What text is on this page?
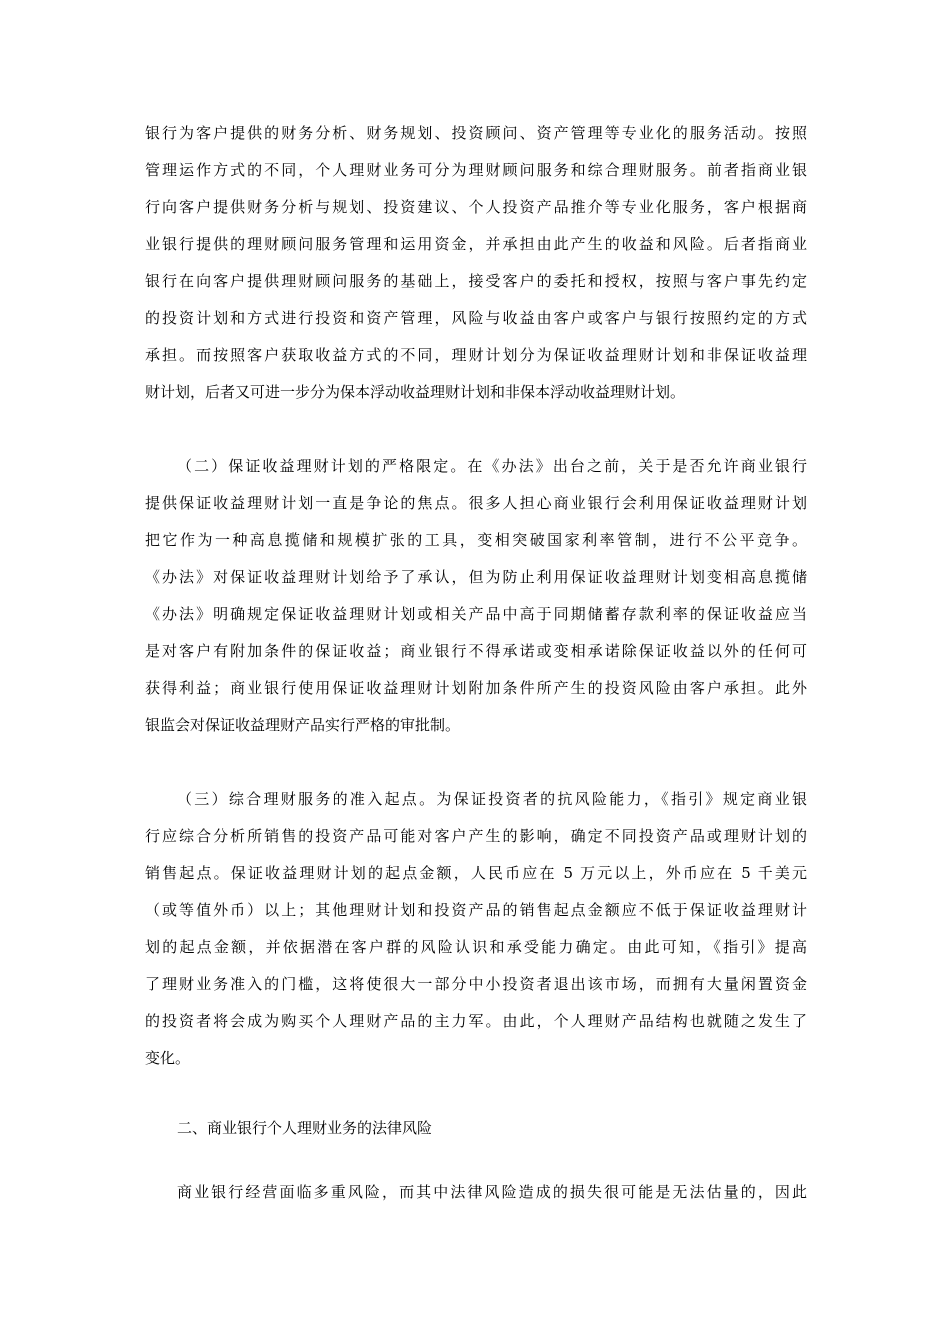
银行为客户提供的财务分析、财务规划、投资顾问、资产管理等专业化的服务活动。按照
管理运作方式的不同，个人理财业务可分为理财顾问服务和综合理财服务。前者指商业银
行向客户提供财务分析与规划、投资建议、个人投资产品推介等专业化服务，客户根据商
业银行提供的理财顾问服务管理和运用资金，并承担由此产生的收益和风险。后者指商业
银行在向客户提供理财顾问服务的基础上，接受客户的委托和授权，按照与客户事先约定
的投资计划和方式进行投资和资产管理，风险与收益由客户或客户与银行按照约定的方式
承担。而按照客户获取收益方式的不同，理财计划分为保证收益理财计划和非保证收益理
财计划，后者又可进一步分为保本浮动收益理财计划和非保本浮动收益理财计划。
（二）保证收益理财计划的严格限定。在《办法》出台之前，关于是否允许商业银行
提供保证收益理财计划一直是争论的焦点。很多人担心商业银行会利用保证收益理财计划
把它作为一种高息揽储和规模扩张的工具，变相突破国家利率管制，进行不公平竞争。
《办法》对保证收益理财计划给予了承认，但为防止利用保证收益理财计划变相高息揽储
《办法》明确规定保证收益理财计划或相关产品中高于同期储蓄存款利率的保证收益应当
是对客户有附加条件的保证收益；商业银行不得承诺或变相承诺除保证收益以外的任何可
获得利益；商业银行使用保证收益理财计划附加条件所产生的投资风险由客户承担。此外
银监会对保证收益理财产品实行严格的审批制。
（三）综合理财服务的准入起点。为保证投资者的抗风险能力，《指引》规定商业银
行应综合分析所销售的投资产品可能对客户产生的影响，确定不同投资产品或理财计划的
销售起点。保证收益理财计划的起点金额，人民币应在 5 万元以上，外币应在 5 千美元
（或等值外币）以上；其他理财计划和投资产品的销售起点金额应不低于保证收益理财计
划的起点金额，并依据潜在客户群的风险认识和承受能力确定。由此可知，《指引》提高
了理财业务准入的门槛，这将使很大一部分中小投资者退出该市场，而拥有大量闲置资金
的投资者将会成为购买个人理财产品的主力军。由此，个人理财产品结构也就随之发生了
变化。
二、商业银行个人理财业务的法律风险
商业银行经营面临多重风险，而其中法律风险造成的损失很可能是无法估量的，因此
